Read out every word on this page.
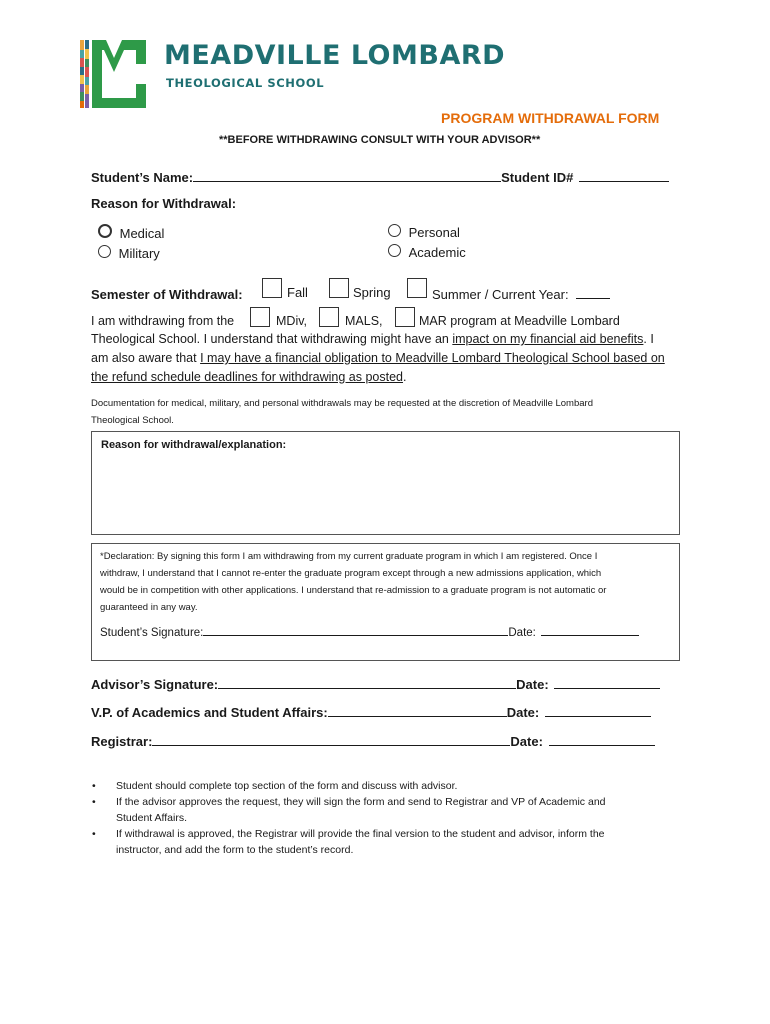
MEADVILLE LOMBARD
THEOLOGICAL SCHOOL
PROGRAM WITHDRAWAL FORM
**BEFORE WITHDRAWING CONSULT WITH YOUR ADVISOR**
Student’s Name:	Student ID#
Reason for Withdrawal:
Medical
Military
Personal
Academic
Semester of Withdrawal:	Fall	Spring	Summer / Current Year:
I am withdrawing from the	MDiv,	MALS,	MAR program at Meadville Lombard
Theological School. I understand that withdrawing might have an impact on my financial aid benefits. I
am also aware that I may have a financial obligation to Meadville Lombard Theological School based on
the refund schedule deadlines for withdrawing as posted.
Documentation for medical, military, and personal withdrawals may be requested at the discretion of Meadville Lombard
Theological School.
Reason for withdrawal/explanation:
*Declaration: By signing this form I am withdrawing from my current graduate program in which I am registered. Once I
withdraw, I understand that I cannot re-enter the graduate program except through a new admissions application, which
would be in competition with other applications. I understand that re-admission to a graduate program is not automatic or
guaranteed in any way.
Student’s Signature:	Date:
Advisor’s Signature:	Date:
V.P. of Academics and Student Affairs:	Date:
Registrar:	Date:
• Student should complete top section of the form and discuss with advisor.
• If the advisor approves the request, they will sign the form and send to Registrar and VP of Academic and
Student Affairs.
• If withdrawal is approved, the Registrar will provide the final version to the student and advisor, inform the
instructor, and add the form to the student’s record.
